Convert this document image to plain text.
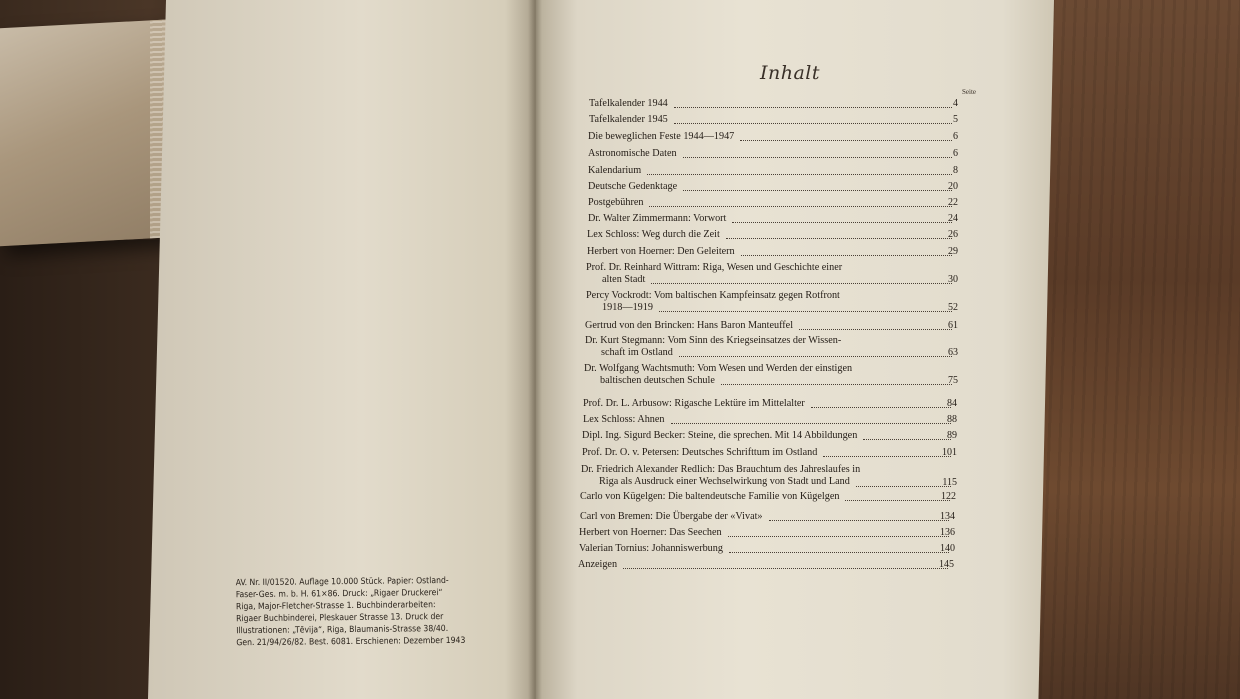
AV. Nr. II/01520. Auflage 10.000 Stück. Papier: Ostland-
Faser-Ges. m. b. H. 61×86. Druck: „Rigaer Druckerei“
Riga, Major-Fletcher-Strasse 1. Buchbinderarbeiten:
Rigaer Buchbinderei, Pleskauer Strasse 13. Druck der
Illustrationen: „Tēvija“, Riga, Blaumanis-Strasse 38/40.
Gen. 21/94/26/82. Best. 6081. Erschienen: Dezember 1943
Inhalt
Seite
Tafelkalender 1944	4
Tafelkalender 1945	5
Die beweglichen Feste 1944—1947	6
Astronomische Daten	6
Kalendarium	8
Deutsche Gedenktage	20
Postgebühren	22
Dr. Walter Zimmermann: Vorwort	24
Lex Schloss: Weg durch die Zeit	26
Herbert von Hoerner: Den Geleitern	29
Prof. Dr. Reinhard Wittram: Riga, Wesen und Geschichte einer
alten Stadt	30
Percy Vockrodt: Vom baltischen Kampfeinsatz gegen Rotfront
1918—1919	52
Gertrud von den Brincken: Hans Baron Manteuffel	61
Dr. Kurt Stegmann: Vom Sinn des Kriegseinsatzes der Wissen-
schaft im Ostland	63
Dr. Wolfgang Wachtsmuth: Vom Wesen und Werden der einstigen
baltischen deutschen Schule	75
Prof. Dr. L. Arbusow: Rigasche Lektüre im Mittelalter	84
Lex Schloss: Ahnen	88
Dipl. Ing. Sigurd Becker: Steine, die sprechen. Mit 14 Abbildungen	89
Prof. Dr. O. v. Petersen: Deutsches Schrifttum im Ostland	101
Dr. Friedrich Alexander Redlich: Das Brauchtum des Jahreslaufes in
Riga als Ausdruck einer Wechselwirkung von Stadt und Land	115
Carlo von Kügelgen: Die baltendeutsche Familie von Kügelgen	122
Carl von Bremen: Die Übergabe der «Vivat»	134
Herbert von Hoerner: Das Seechen	136
Valerian Tornius: Johanniswerbung	140
Anzeigen	145
